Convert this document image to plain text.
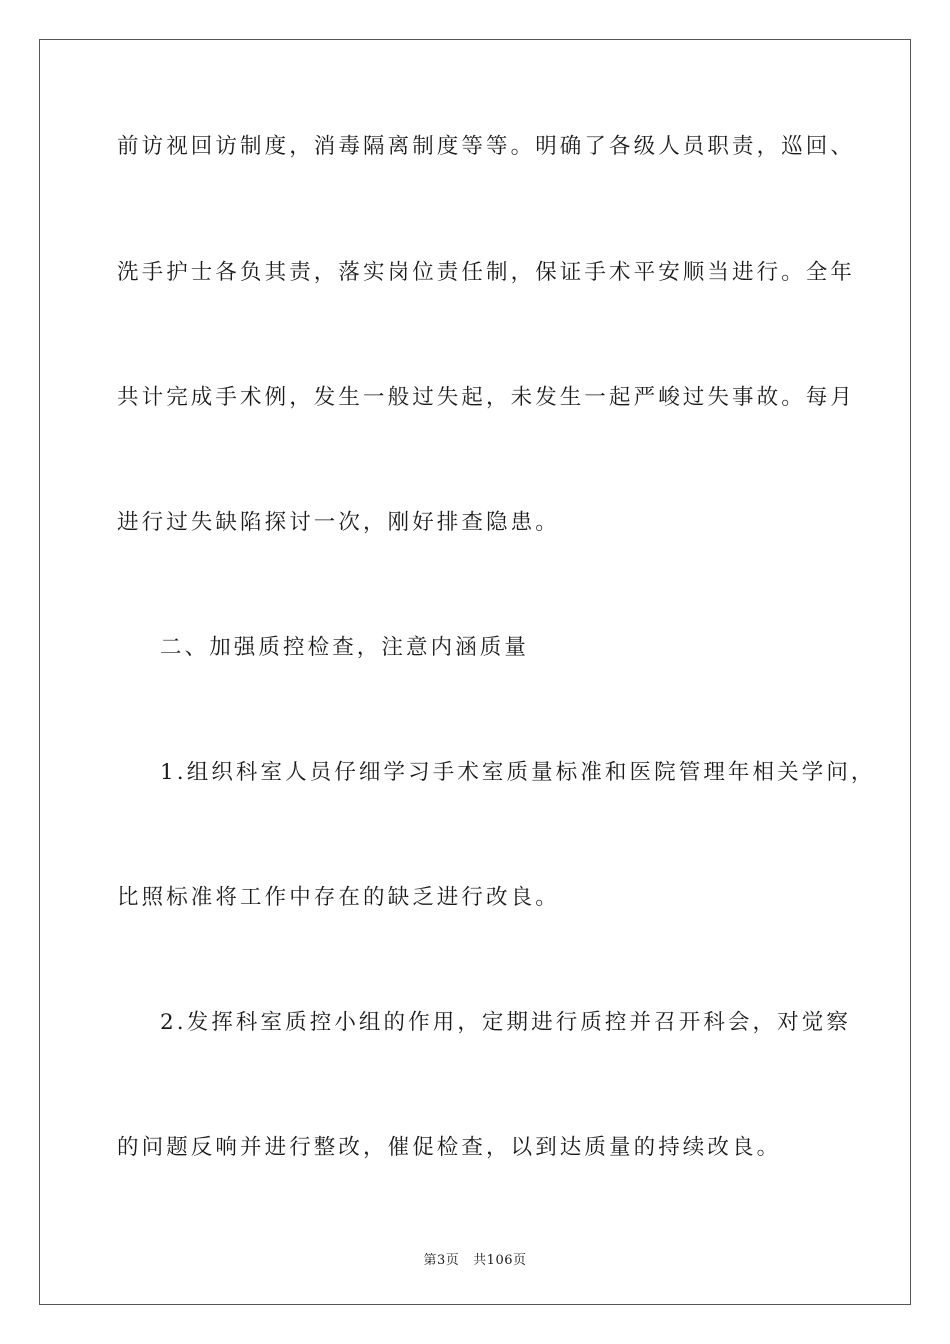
前访视回访制度，消毒隔离制度等等。明确了各级人员职责，巡回、
洗手护士各负其责，落实岗位责任制，保证手术平安顺当进行。全年
共计完成手术例，发生一般过失起，未发生一起严峻过失事故。每月
进行过失缺陷探讨一次，刚好排查隐患。
二、加强质控检查，注意内涵质量
1.组织科室人员仔细学习手术室质量标准和医院管理年相关学问，
比照标准将工作中存在的缺乏进行改良。
2.发挥科室质控小组的作用，定期进行质控并召开科会，对觉察
的问题反响并进行整改，催促检查，以到达质量的持续改良。
第3页 共106页
